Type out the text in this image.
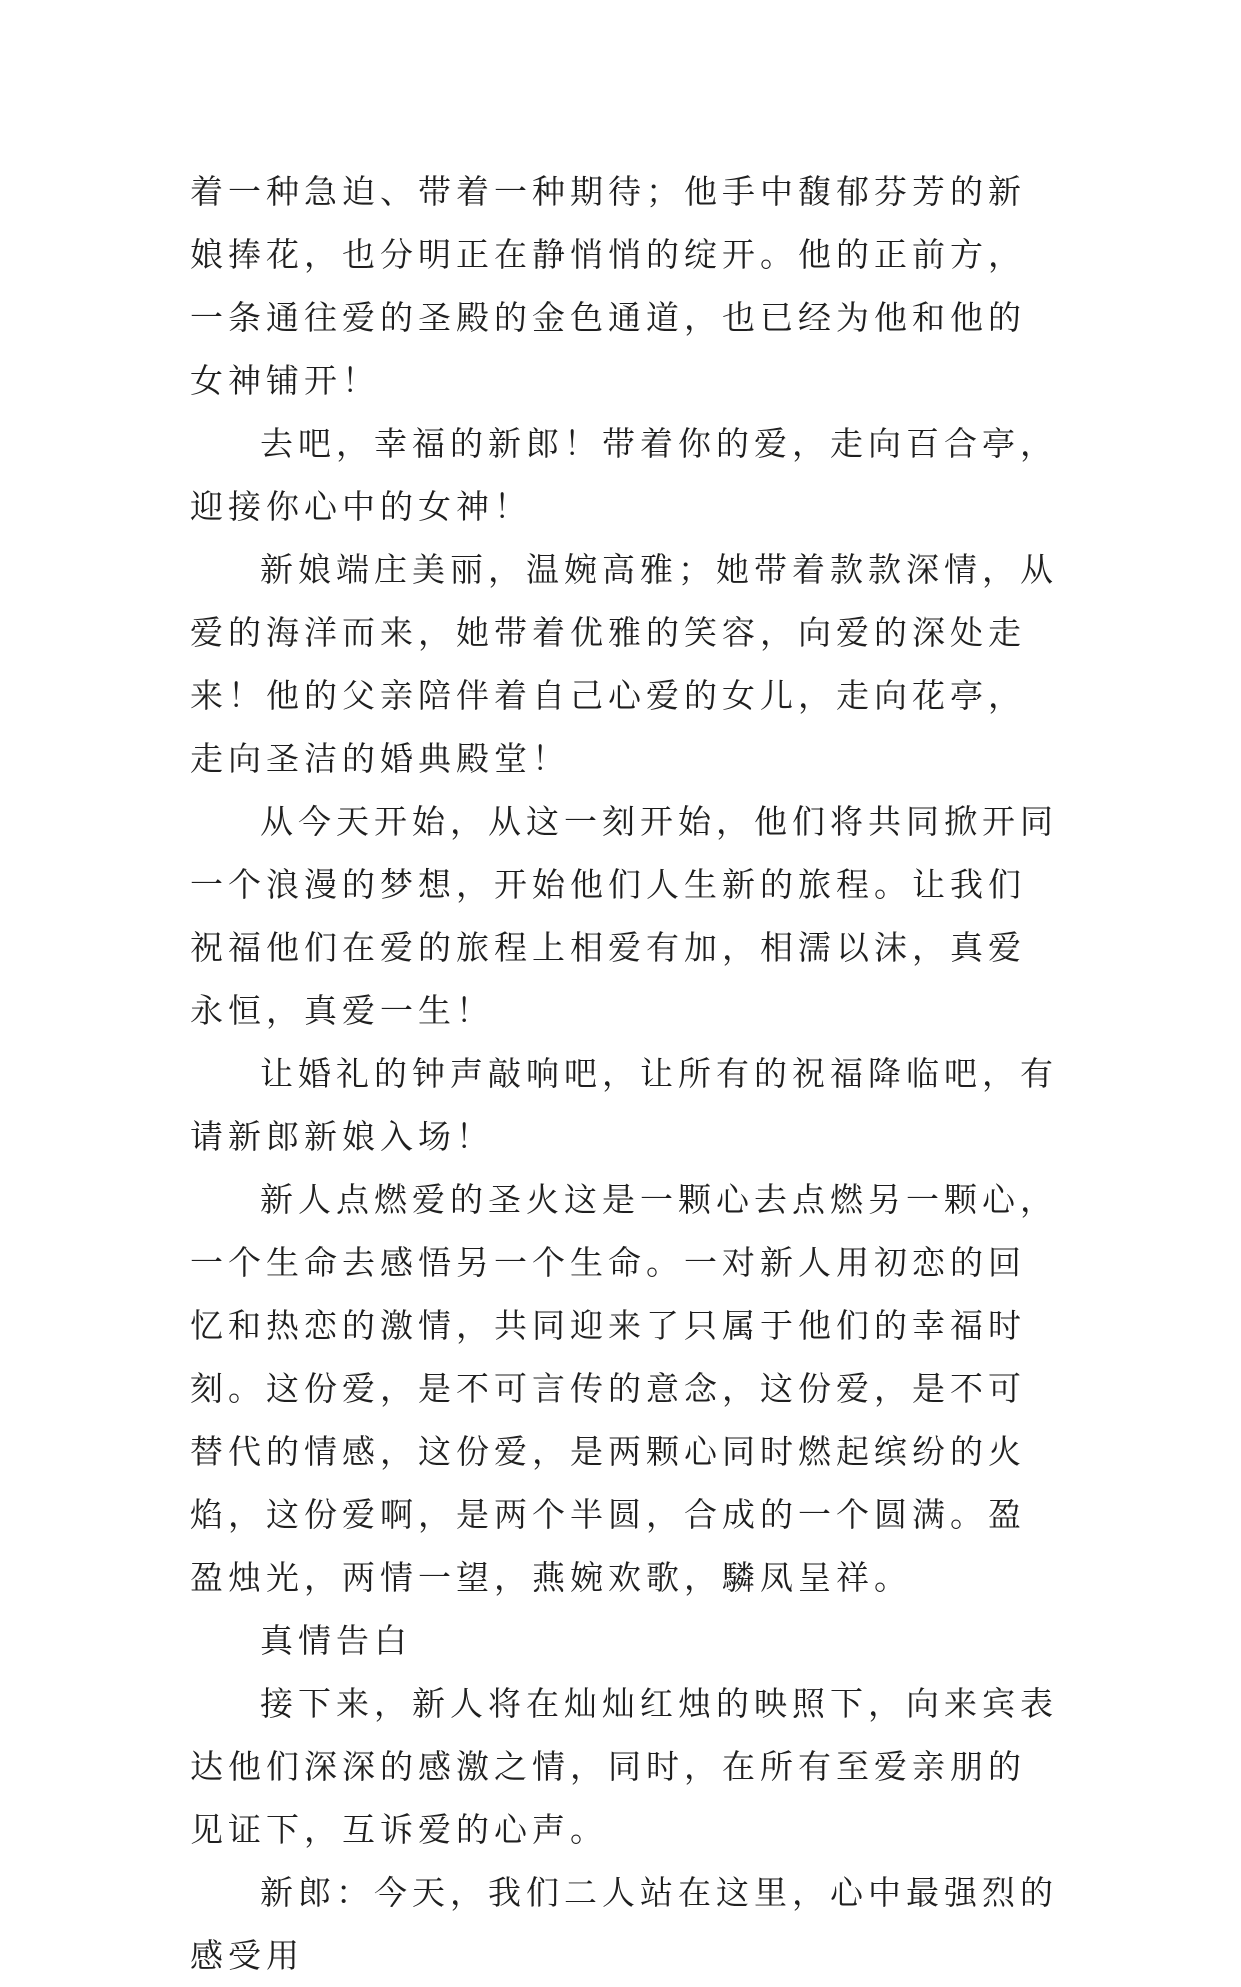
着一种急迫、带着一种期待；他手中馥郁芬芳的新娘捧花，也分明正在静悄悄的绽开。他的正前方，一条通往爱的圣殿的金色通道，也已经为他和他的女神铺开！

去吧，幸福的新郎！带着你的爱，走向百合亭，迎接你心中的女神！

新娘端庄美丽，温婉高雅；她带着款款深情，从爱的海洋而来，她带着优雅的笑容，向爱的深处走来！他的父亲陪伴着自己心爱的女儿，走向花亭，走向圣洁的婚典殿堂！

从今天开始，从这一刻开始，他们将共同掀开同一个浪漫的梦想，开始他们人生新的旅程。让我们祝福他们在爱的旅程上相爱有加，相濡以沫，真爱永恒，真爱一生！

让婚礼的钟声敲响吧，让所有的祝福降临吧，有请新郎新娘入场！

新人点燃爱的圣火这是一颗心去点燃另一颗心，一个生命去感悟另一个生命。一对新人用初恋的回忆和热恋的激情，共同迎来了只属于他们的幸福时刻。这份爱，是不可言传的意念，这份爱，是不可替代的情感，这份爱，是两颗心同时燃起缤纷的火焰，这份爱啊，是两个半圆，合成的一个圆满。盈盈烛光，两情一望，燕婉欢歌，驎凤呈祥。

真情告白

接下来，新人将在灿灿红烛的映照下，向来宾表达他们深深的感激之情，同时，在所有至爱亲朋的见证下，互诉爱的心声。

新郎：今天，我们二人站在这里，心中最强烈的感受用
